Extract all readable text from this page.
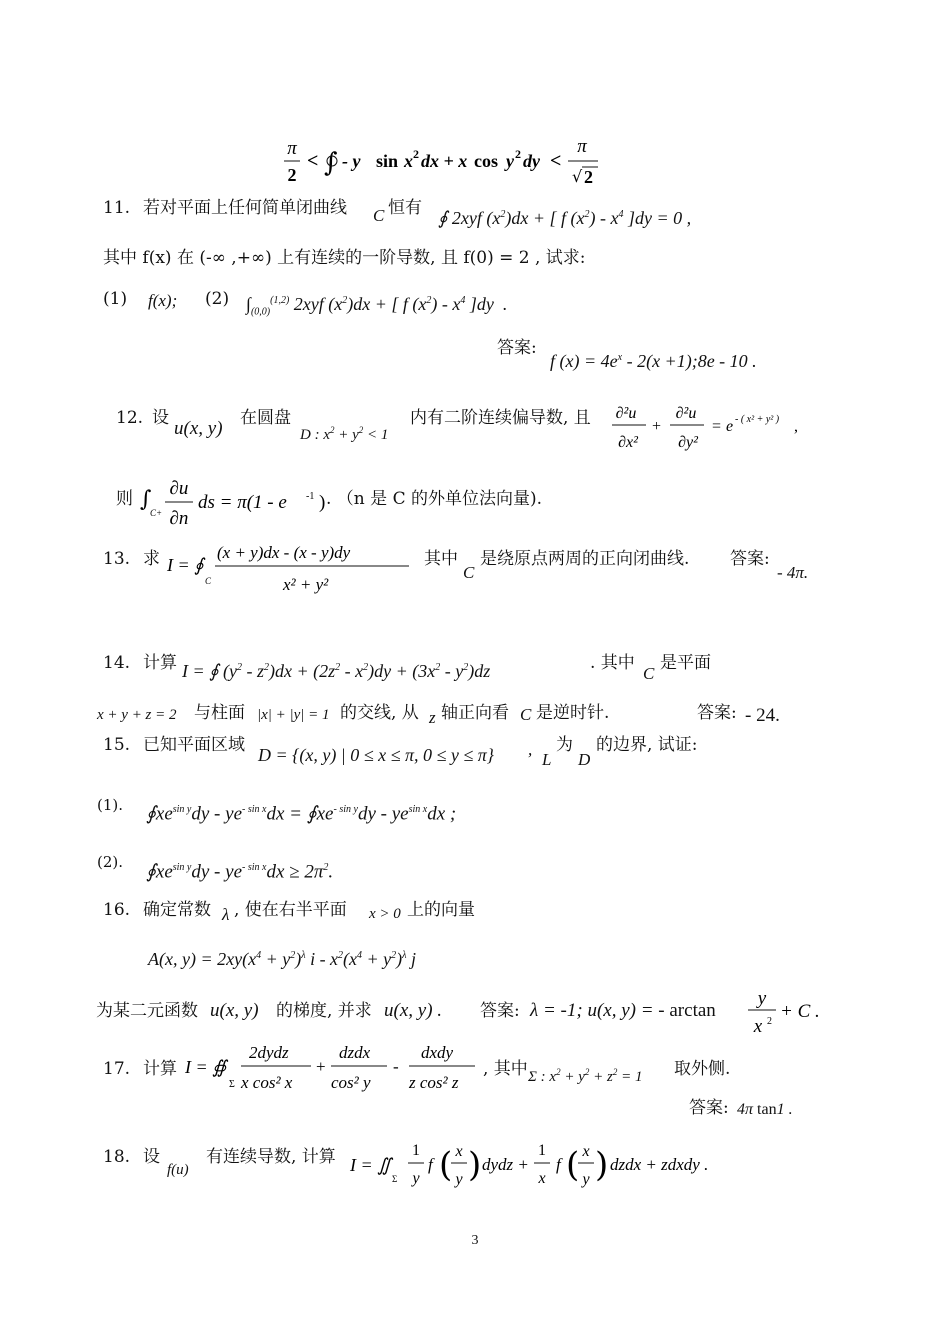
π
2
< ∫ - y sin x 2 dx + x cos y 2 dy <
π
√ 2
11. 若对平面上任何简单闭曲线 C 恒有 ∮ 2xyf $(x^2)dx$ + [ f $(x^2) - x^4$ ]dy = 0 ,
其中 f(x) 在 (-∞ ,+∞) 上有连续的一阶导数, 且 f(0) = 2 , 试求:
(1) f(x); (2) $\int_{(0,0)}^{(1,2)}$ 2xyf $(x^2)dx$ + [ f $(x^2) - x^4$ ]dy  .
答案:
f $(x) = 4e^x - 2(x$ +1);8e - 10 .
12. 设 u(x, y) 在圆盘
D : $x^2 + y^2 < 1$
内有二阶连续偏导数, 且 ∂²u
∂x²
+
∂²u
∂y²
= e - ( x² + y² ) ,
则 ∫
C+
∂u
∂n
ds = π(1 - e -1 ) . （n 是 C 的外单位法向量).
13. 求 I = ∮
C
(x + y)dx - (x - y)dy
x² + y²
其中
C
是绕原点两周的正向闭曲线. 答案:
- 4π.
14. 计算 I = ∮ $(y^2 - z^2)dx + (2z^2 - x^2)dy + (3x^2 - y^2)dz$	. 其中
C
是平面
x + y + z = 2 与柱面 |x| + |y| = 1 的交线, 从 z 轴正向看 C 是逆时针.	答案: - 24.
15. 已知平面区域 D = {(x, y) | 0 ≤ x ≤ π, 0 ≤ y ≤ π} ,
L
为
D
的边界, 试证:
(1). $∮xe^{sin y}dy - ye^{- sin x}dx$ = $∮xe^{- sin y}dy - ye^{sin x}dx$ ;
(2). $∮xe^{sin y}dy - ye^{- sin x}dx \ge 2\pi^2$.
16. 确定常数 λ , 使在右半平面 x > 0 上的向量
A(x, $y) = 2xy(x^4 + y^2)^\lambda$ $i - x^2(x^4 + y^2)^\lambda$ j
为某二元函数 u(x, y) 的梯度, 并求 u(x, y) . 答案: λ = -1; u(x, y) = - arctan
y
x 2 + C .
17. 计算 I = ∯
Σ
2dydz
x cos² x
+
dzdx
cos² y
-
dxdy
z cos² z
, 其中 Σ : $x^2 + y^2 + z^2 = 1$ 取外侧.
答案: 4π tan1 .
18. 设
f(u)
有连续导数, 计算 I = ∬
Σ
1
y
f ( x
y ) dydz +
1
x
f ( x
y ) dzdx + zdxdy .
3
